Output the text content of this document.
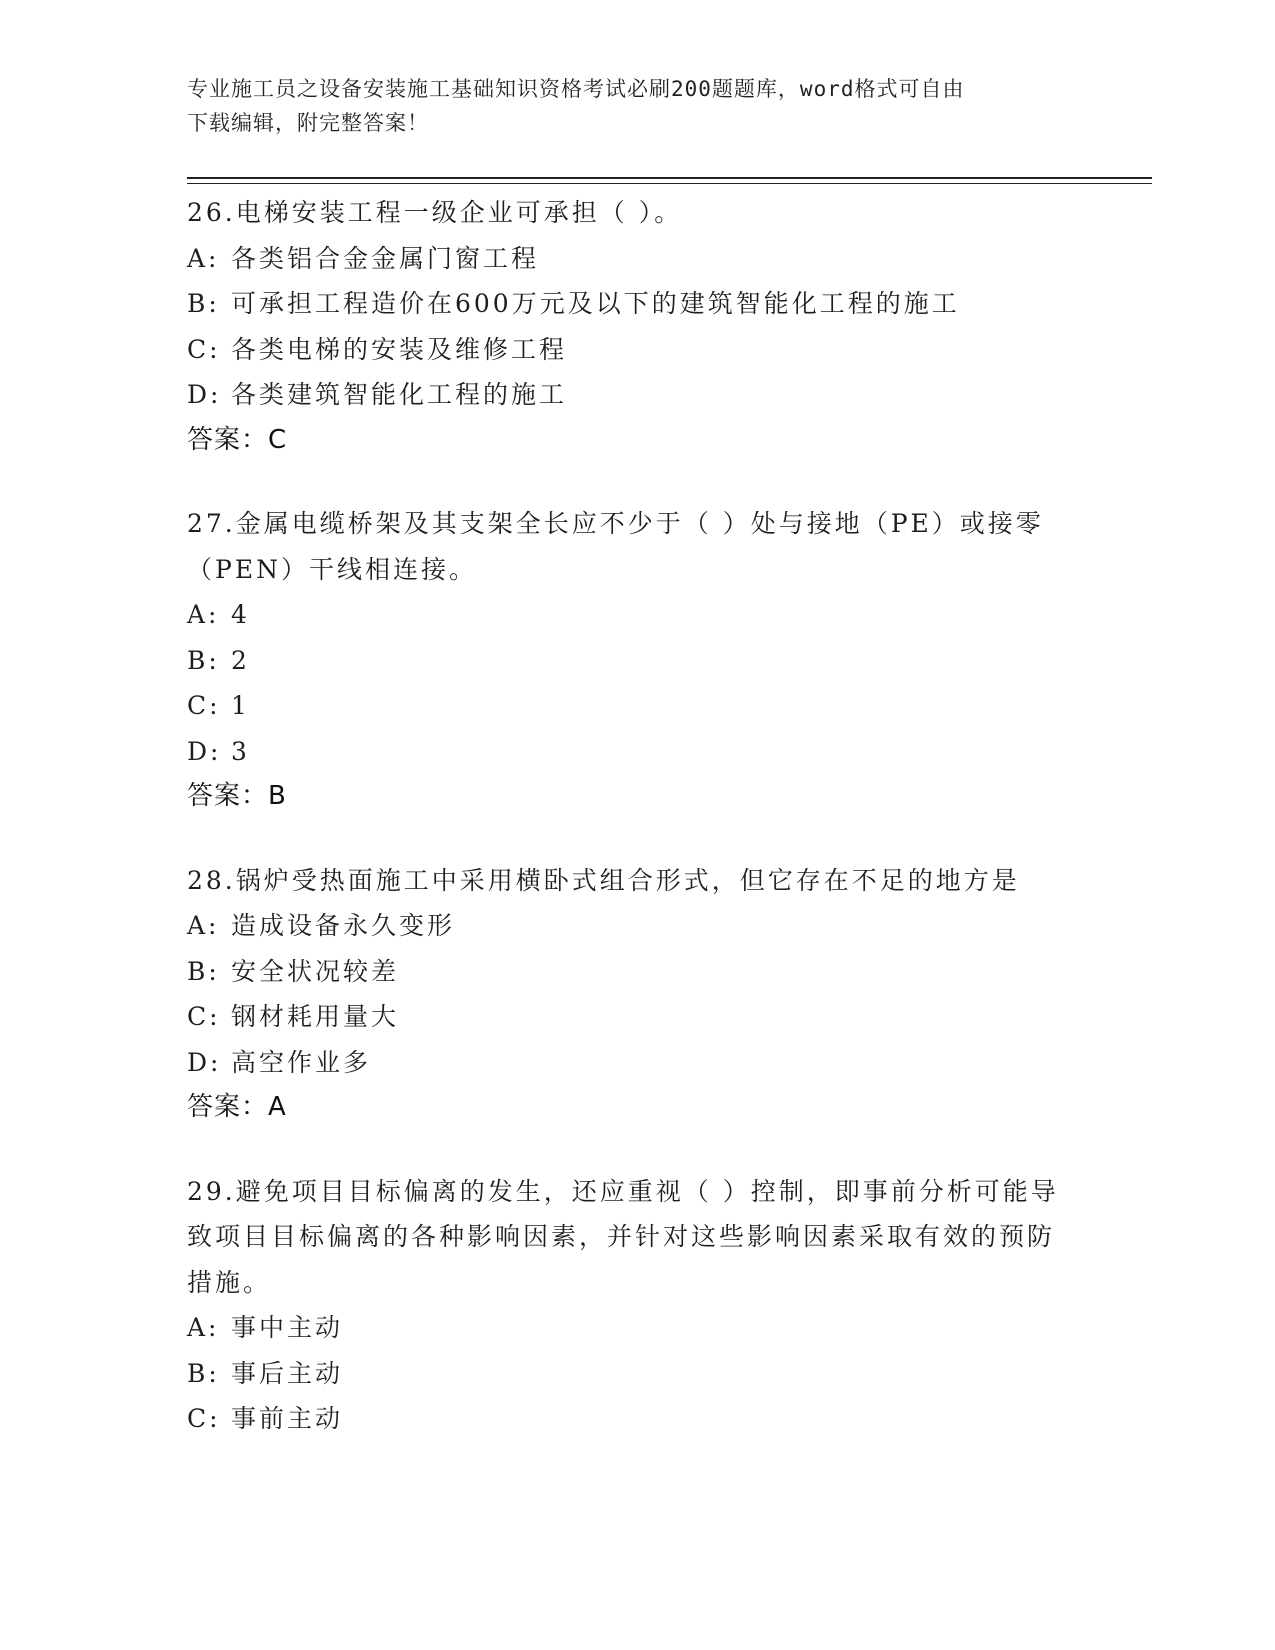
专业施工员之设备安装施工基础知识资格考试必刷200题题库，word格式可自由
下载编辑，附完整答案！
26.电梯安装工程一级企业可承担（ ）。
A: 各类铝合金金属门窗工程
B: 可承担工程造价在600万元及以下的建筑智能化工程的施工
C: 各类电梯的安装及维修工程
D: 各类建筑智能化工程的施工
答案：C
27.金属电缆桥架及其支架全长应不少于（ ）处与接地（PE）或接零（PEN）干线相连接。
A: 4
B: 2
C: 1
D: 3
答案：B
28.锅炉受热面施工中采用横卧式组合形式，但它存在不足的地方是
A: 造成设备永久变形
B: 安全状况较差
C: 钢材耗用量大
D: 高空作业多
答案：A
29.避免项目目标偏离的发生，还应重视（ ）控制，即事前分析可能导致项目目标偏离的各种影响因素，并针对这些影响因素采取有效的预防措施。
A: 事中主动
B: 事后主动
C: 事前主动
